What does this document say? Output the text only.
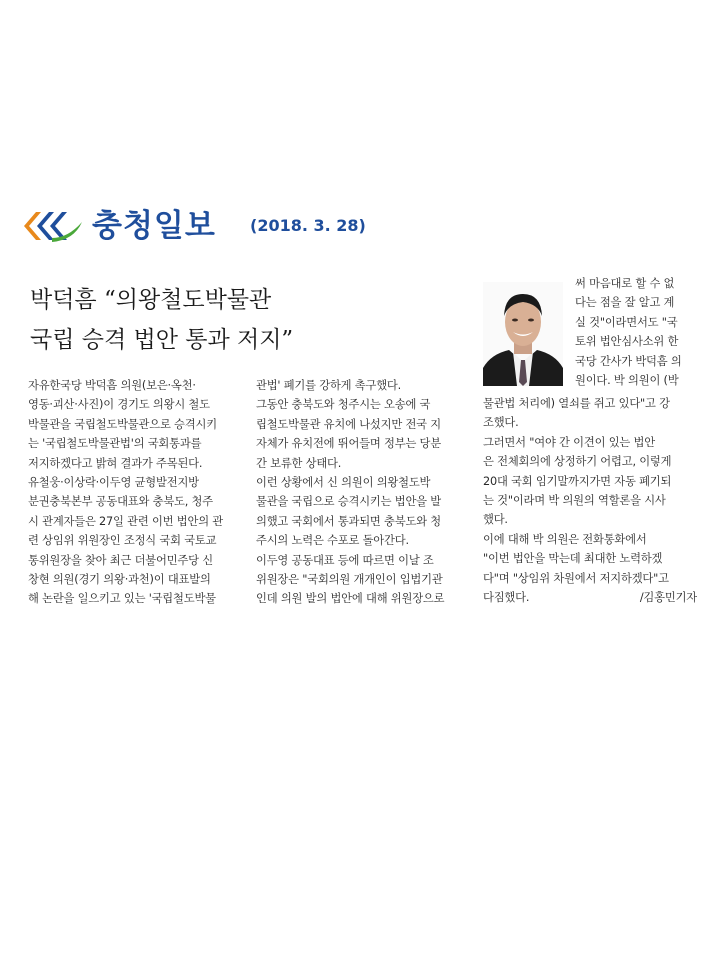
충청일보 (2018. 3. 28)
박덕흠 “의왕철도박물관
국립 승격 법안 통과 저지”
자유한국당 박덕흠 의원(보은·옥천·
영동·괴산·사진)이 경기도 의왕시 철도
박물관을 국립철도박물관으로 승격시키
는 '국립철도박물관법'의 국회통과를
저지하겠다고 밝혀 결과가 주목된다.
유철웅·이상락·이두영 균형발전지방
분권충북본부 공동대표와 충북도, 청주
시 관계자들은 27일 관련 이번 법안의 관
련 상임위 위원장인 조정식 국회 국토교
통위원장을 찾아 최근 더불어민주당 신
창현 의원(경기 의왕·과천)이 대표발의
해 논란을 일으키고 있는 '국립철도박물
관법' 폐기를 강하게 촉구했다.
그동안 충북도와 청주시는 오송에 국
립철도박물관 유치에 나섰지만 전국 지
자체가 유치전에 뛰어들며 정부는 당분
간 보류한 상태다.
이런 상황에서 신 의원이 의왕철도박
물관을 국립으로 승격시키는 법안을 발
의했고 국회에서 통과되면 충북도와 청
주시의 노력은 수포로 돌아간다.
이두영 공동대표 등에 따르면 이날 조
위원장은 "국회의원 개개인이 입법기관
인데 의원 발의 법안에 대해 위원장으로
써 마음대로 할 수 없
다는 점을 잘 알고 계
실 것"이라면서도 "국
토위 법안심사소위 한
국당 간사가 박덕흠 의
원이다. 박 의원이 (박
물관법 처리에) 열쇠를 쥐고 있다"고 강
조했다.
그러면서 "여야 간 이견이 있는 법안
은 전체회의에 상정하기 어렵고, 이렇게
20대 국회 임기말까지가면 자동 폐기되
는 것"이라며 박 의원의 역할론을 시사
했다.
이에 대해 박 의원은 전화통화에서
"이번 법안을 막는데 최대한 노력하겠
다"며 "상임위 차원에서 저지하겠다"고
다짐했다.	/김홍민기자
